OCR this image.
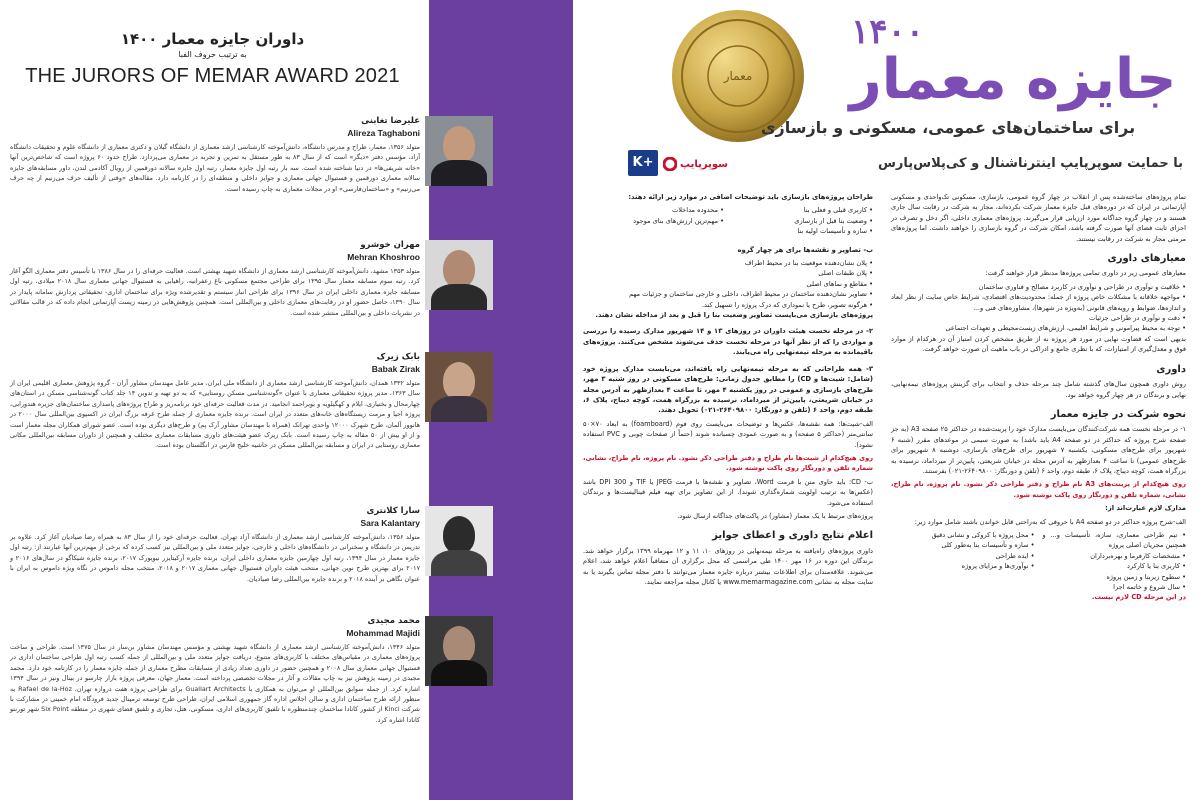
داوران جایزه معمار ۱۴۰۰
به ترتیب حروف الفبا
THE JURORS OF MEMAR AWARD 2021
علیرضا تغابنی
Alireza Taghaboni
متولد ۱۳۵۶، معمار، طراح و مدرس دانشگاه، دانش‌آموخته کارشناسی ارشد معماری از دانشگاه گیلان و دکتری معماری از دانشگاه علوم و تحقیقات دانشگاه آزاد، مؤسس دفتر «دیگر» است که از سال ۸۳ به طور مستقل به تمرین و تجربه در معماری می‌پردازد. طراح حدود ۶۰ پروژه است که شاخص‌ترین آنها «خانه شریفی‌ها» در دنیا شناخته شده است. سه بار رتبه اول جایزه معمار، رتبه اول جایزه سالانه دورقمین از رویال آکادمی لندن، داور مسابقه‌های جایزه سالانه معماری دورقمین و فستیوال جهانی معماری و جوایز داخلی و منطقه‌ای را در کارنامه دارد. مقاله‌های «وقتی از تألیف حرف می‌زنیم از چه حرف می‌زنیم» و «ساختمان‌فارسی» او در مجلات معماری به چاپ رسیده است.
مهران خوشرو
Mehran Khoshroo
متولد ۱۳۵۳ مشهد، دانش‌آموخته کارشناسی ارشد معماری از دانشگاه شهید بهشتی است. فعالیت حرفه‌ای را در سال ۱۳۸۶ با تأسیس دفتر معماری الگو آغاز کرد. رتبه سوم مسابقه معمار سال ۱۳۹۵ برای طراحی مجتمع مسکونی باغ زعفرانیه، راهیابی به فستیوال جهانی معماری سال ۲۰۱۸ میلادی، رتبه اول مسابقه جایزه معماری داخلی ایران در سال ۱۳۹۶ برای طراحی انبار سیستم و تقدیرشده ویژه برای ساختمان اداری- تحقیقاتی پردازش سامانه پایدار در سال ۱۳۹۰، حاصل حضور او در رقابت‌های معماری داخلی و بین‌المللی است. همچنین پژوهش‌هایی در زمینه زیست آپارتمانی انجام داده که در قالب مقالاتی در نشریات داخلی و بین‌المللی منتشر شده است.
بابک زیرک
Babak Zirak
متولد ۱۳۳۲ همدان، دانش‌آموخته کارشناسی ارشد معماری از دانشگاه ملی ایران، مدیر عامل مهندسان مشاور آران - گروه پژوهش معماری اقلیمی ایران از سال ۱۳۶۳، مدیر پروژه تحقیقاتی معماری با عنوان «گونه‌شناسی مسکن روستایی» که به دو تهیه و تدوین ۱۴ جلد کتاب گونه‌شناسی مسکن در استان‌های چهارمحال و بختیاری، ایلام و کهگیلویه و بویراحمد انجامید. در مدت فعالیت حرفه‌ای خود برنامه‌ریز و طراح پروژه‌های پاسداری ساختمان‌های جزیره هندورابی، پروژه احیا و مرمت زیستگاه‌های خانه‌های متعدد در ایران است. برنده جایزه معماری از جمله طرح غرفه بزرگ ایران در اکسپوی بین‌المللی سال ۲۰۰۰ در هانوور آلمان، طرح شهرک ۱۲۰۰۰ واحدی تهرانک (همراه با مهندسان مشاور آرک پم) و طرح‌های دیگری بوده است. عضو شورای همکاران مجله معمار است و از او بیش از ۵۰ مقاله به چاپ رسیده است. بابک زیرک عضو هیئت‌های داوری مسابقات معماری مختلف و همچنین از داوران مسابقه بین‌المللی مکانی معماری روستایی در ایران و مسابقه بین‌المللی مسکن در حاشیه خلیج فارس در انگلستان بوده است.
سارا کلانتری
Sara Kalantary
متولد ۱۳۵۶، دانش‌آموخته کارشناسی ارشد معماری از دانشگاه آزاد تهران. فعالیت حرفه‌ای خود را از سال ۸۳ به همراه رضا صیادیان آغاز کرد. علاوه بر تدریس در دانشگاه و سخنرانی در دانشگاه‌های داخلی و خارجی، جوایز متعدد ملی و بین‌المللی نیز کسب کرده که برخی از مهم‌ترین آنها عبارتند از: رتبه اول جایزه معمار در سال ۱۳۹۴، رتبه اول چهارمین جایزه معماری داخلی ایران، برنده جایزه آرکیتایزر نیویورک ۲۰۱۷، برنده جایزه شیکاگو در سال‌های ۲۰۱۶ و ۲۰۱۷ برای بهترین طرح نوین جهانی، منتخب هیئت داوران فستیوال جهانی معماری ۲۰۱۷ و ۲۰۱۸، منتخب مجله داموس در نگاه ویژه داموس به ایران با عنوان نگاهی بر آینده ۲۰۱۸ و برنده جایزه بین‌المللی رضا صیادیان.
محمد مجیدی
Mohammad Majidi
متولد ۱۳۴۶، دانش‌آموخته کارشناسی ارشد معماری از دانشگاه شهید بهشتی و مؤسس مهندسان مشاور بن‌سار در سال ۱۳۷۵ است. طراحی و ساخت پروژه‌های معماری در مقیاس‌های مختلف با کاربری‌های متنوع، دریافت جوایز متعدد ملی و بین‌المللی از جمله کسب رتبه اول طراحی ساختمان اداری در فستیوال جهانی معماری سال ۲۰۰۸ و همچنین حضور در داوری تعداد زیادی از مسابقات مطرح معماری از جمله جایزه معمار را در کارنامه خود دارد. محمد مجیدی در زمینه پژوهش نیز به چاپ مقالات و آثار در مجلات تخصصی پرداخته است. معمار جهان، معرفی پروژه بازار چارسو در بینال ونیز در سال ۱۳۹۴ اشاره کرد. از جمله سوابق بین‌المللی او می‌توان به همکاری با Guallart Architects برای طراحی پروژه هفت دروازه تهران، Rafael de la-Hoz به منظور ارائه طرح ساختمان اداری و سالن اجلاس اداره گاز جمهوری اسلامی ایران، طراحی طرح توسعه ترمینال جدید فرودگاه امام خمینی در مشارکت با شرکت Kinci از کشور کانادا ساختمان چندمنظوره با تلفیق کاربری‌های اداری، مسکونی، هتل، تجاری و تلفیق فضای شهری در منطقه Six Point شهر تورنتو کانادا اشاره کرد.
معمار
۱۴۰۰
جایزه معمار
برای ساختمان‌های عمومی، مسکونی و بازسازی
با حمایت سوپرپایپ اینترناشنال و کی‌پلاس‌پارس
سوپرپایپ
K+

تمام پروژه‌های ساخته‌شده پس از انقلاب در چهار گروه عمومی، بازسازی، مسکونی تک‌واحدی و مسکونی آپارتمانی در ایران که در دوره‌های قبل جایزه معمار شرکت نکرده‌اند، مجاز به شرکت در رقابت سال جاری هستند و در چهار گروه جداگانه مورد ارزیابی قرار می‌گیرند. پروژه‌های معماری داخلی، اگر دخل و تصرف در اجزای ثابت فضای آنها صورت گرفته باشد، امکان شرکت در گروه بازسازی را خواهند داشت. اما پروژه‌های مرمتی مجاز به شرکت در رقابت نیستند.

معیارهای داوری

معیارهای عمومی زیر در داوری تمامی پروژه‌ها مدنظر قرار خواهند گرفت:

• خلاقیت و نوآوری در طراحی و نوآوری در کاربرد مصالح و فناوری ساختمان
• مواجهه خلاقانه با مشکلات خاص پروژه از جمله: محدودیت‌های اقتصادی، شرایط خاص سایت از نظر ابعاد و اندازه‌ها، ضوابط و رویه‌های قانونی (به‌ویژه در شهرها)، مشاوره‌های فنی و...
• دقت و نوآوری در طراحی جزئیات
• توجه به محیط پیرامونی و شرایط اقلیمی، ارزش‌های زیست‌محیطی و تعهدات اجتماعی

بدیهی است که قضاوت نهایی در مورد هر پروژه نه از طریق مشخص کردن امتیاز آن در هرکدام از موارد فوق و معدل‌گیری از امتیازات، که با نظری جامع و ادراکی در باب ماهیت آن صورت خواهد گرفت.

داوری

روش داوری همچون سال‌های گذشته شامل چند مرحله حذف و انتخاب برای گزینش پروژه‌های نیمه‌نهایی، نهایی و برندگان در هر چهار گروه خواهد بود.

نحوه شرکت در جایزه معمار

۱- در مرحله نخست همه شرکت‌کنندگان می‌بایست مدارک خود را پرینت‌شده در حداکثر ۲۵ صفحه A3 (به جز صفحه شرح پروژه که حداکثر در دو صفحه A4 باید باشد) به صورت سیمی در موعدهای مقرر (شنبه ۶ شهریور برای طرح‌های مسکونی، یکشنبه ۷ شهریور برای طرح‌های بازسازی، دوشنبه ۸ شهریور برای طرح‌های عمومی) تا ساعت ۴ بعدازظهر به آدرس مجله در خیابان شریعتی، پایین‌تر از میرداماد، نرسیده به بزرگراه همت، کوچه دیباج، پلاک ۶، طبقه دوم، واحد ۶ (تلفن و دورنگار: ۲۶۴۰۹۸۰۰-۰۲۱) بفرستند.

روی هیچ‌کدام از پرینت‌های A3 نام طراح و دفتر طراحی ذکر نشود. نام پروژه، نام طراح، نشانی، شماره تلفن و دورنگار روی پاکت نوشته شود.

مدارک لازم عبارت‌اند از:

الف-شرح پروژه حداکثر در دو صفحه A4 با حروفی که به‌راحتی قابل خواندن باشند شامل موارد زیر:

• تیم طراحی معماری، سازه، تأسیسات و... و همچنین مجریان اصلی پروژه
• مشخصات کارفرما و بهره‌برداران
• کاربری بنا یا کارکرد
• سطوح زیربنا و زمین پروژه
• سال شروع و خاتمه اجرا
• محل پروژه با کروکی و نشانی دقیق
• سازه و تأسیسات بنا به‌طور کلی
• ایده طراحی
• نوآوری‌ها و مزایای پروژه

در این مرحله CD لازم نیست.

طراحان پروژه‌های بازسازی باید توضیحات اضافی در موارد زیر ارائه دهند:

• کاربری قبلی و فعلی بنا
• وضعیت بنا قبل از بازسازی
• سازه و تأسیسات اولیه بنا
• محدوده مداخلات
• مهم‌ترین ارزش‌های بنای موجود

ب- تصاویر و نقشه‌ها برای هر چهار گروه

• پلان نشان‌دهنده موقعیت بنا در محیط اطراف
• پلان طبقات اصلی
• مقاطع و نماهای اصلی
• تصاویر نشان‌دهنده ساختمان در محیط اطراف، داخلی و خارجی ساختمان و جزئیات مهم
• هرگونه تصویر، طرح یا نموداری که درک پروژه را تسهیل کند.

پروژه‌های بازسازی می‌بایست تصاویر وضعیت بنا را قبل و بعد از مداخله نشان دهند.

۲- در مرحله نخست هیئت داوران در روزهای ۱۳ و ۱۴ شهریور مدارک رسیده را بررسی و مواردی را که از نظر آنها در مرحله نخست حذف می‌شوند مشخص می‌کنند. پروژه‌های باقیمانده به مرحله نیمه‌نهایی راه می‌یابند.

۳- همه طراحانی که به مرحله نیمه‌نهایی راه یافته‌اند، می‌بایست مدارک پروژه خود (شامل: شیت‌ها و CD) را مطابق جدول زمانی: طرح‌های مسکونی در روز شنبه ۳ مهر، طرح‌های بازسازی و عمومی در روز یکشنبه ۴ مهر، تا ساعت ۴ بعدازظهر به آدرس مجله در خیابان شریعتی، پایین‌تر از میرداماد، نرسیده به بزرگراه همت، کوچه دیباج، پلاک ۶، طبقه دوم، واحد ۶ (تلفن و دورنگار: ۲۶۴۰۹۸۰۰-۰۲۱) تحویل دهند.

الف-شیت‌ها: همه نقشه‌ها، عکس‌ها و توضیحات می‌بایست روی فوم (foamboard) به ابعاد ۷۰×۵۰ سانتی‌متر (حداکثر ۵ صفحه) و به صورت عمودی چسبانده شوند (حتماً از صفحات چوبی و PVC استفاده نشود).

روی هیچ‌کدام از شیت‌ها نام طراح و دفتر طراحی ذکر نشود. نام پروژه، نام طراح، نشانی، شماره تلفن و دورنگار روی پاکت نوشته شود.

ب- CD: باید حاوی متن با فرمت Word، تصاویر و نقشه‌ها با فرمت JPEG یا TIF و DPI 300 باشد (عکس‌ها به ترتیب اولویت شماره‌گذاری شوند). از این تصاویر برای تهیه فیلم فینالیست‌ها و برندگان استفاده می‌شود.

پروژه‌های مرتبط با یک معمار (مشاور) در پاکت‌های جداگانه ارسال شود.

اعلام نتایج داوری و اعطای جوایز

داوری پروژه‌های راه‌یافته به مرحله نیمه‌نهایی در روزهای ۱۰، ۱۱ و ۱۲ مهرماه ۱۳۹۹ برگزار خواهد شد. برندگان این دوره در ۱۶ مهر ۱۴۰۰ طی مراسمی که محل برگزاری آن متعاقباً اعلام خواهد شد، اعلام می‌شوند. علاقه‌مندان برای اطلاعات بیشتر درباره جایزه معمار می‌توانند با دفتر مجله تماس بگیرند یا به سایت مجله به نشانی www.memarmagazine.com یا کانال مجله مراجعه نمایند.
